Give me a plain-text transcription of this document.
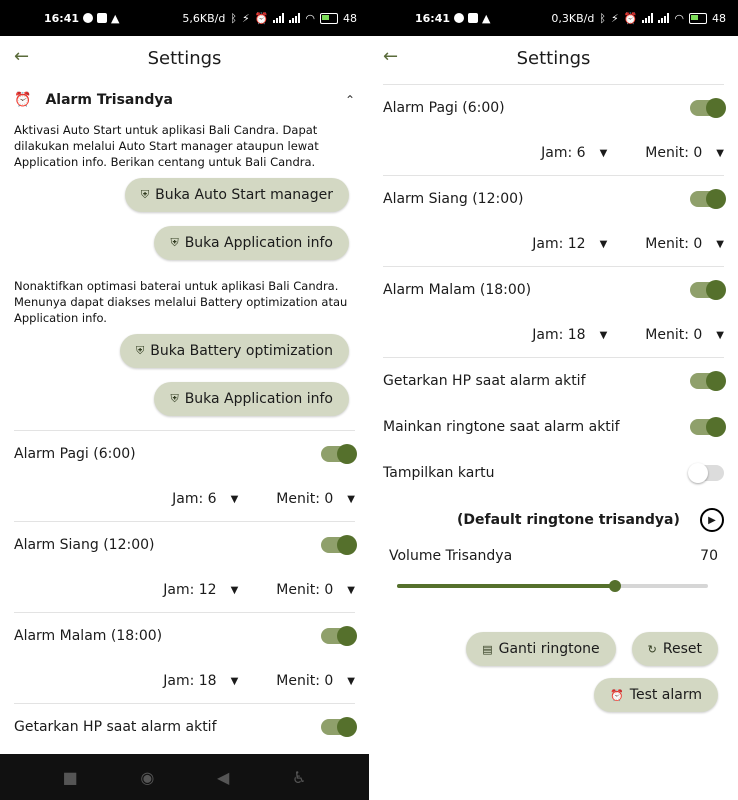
16:41	▲	5,6KB/d ᛒ ⚡ ⏰	◠	48
←	Settings
⏰ Alarm Trisandya	⌃
Aktivasi Auto Start untuk aplikasi Bali Candra. Dapat dilakukan melalui Auto Start manager ataupun lewat Application info. Berikan centang untuk Bali Candra.
⛨ Buka Auto Start manager
⛨ Buka Application info
Nonaktifkan optimasi baterai untuk aplikasi Bali Candra. Menunya dapat diakses melalui Battery optimization atau Application info.
⛨ Buka Battery optimization
⛨ Buka Application info
Alarm Pagi (6:00)
Jam: 6 ▼	Menit: 0 ▼
Alarm Siang (12:00)
Jam: 12 ▼	Menit: 0 ▼
Alarm Malam (18:00)
Jam: 18 ▼	Menit: 0 ▼
Getarkan HP saat alarm aktif
■	◉	◀	♿
16:41	▲	0,3KB/d ᛒ ⚡ ⏰	◠	48
←	Settings
Alarm Pagi (6:00)
Jam: 6 ▼	Menit: 0 ▼
Alarm Siang (12:00)
Jam: 12 ▼	Menit: 0 ▼
Alarm Malam (18:00)
Jam: 18 ▼	Menit: 0 ▼
Getarkan HP saat alarm aktif
Mainkan ringtone saat alarm aktif
Tampilkan kartu
(Default ringtone trisandya)	▶
Volume Trisandya	70
▤ Ganti ringtone	↻ Reset
⏰ Test alarm
